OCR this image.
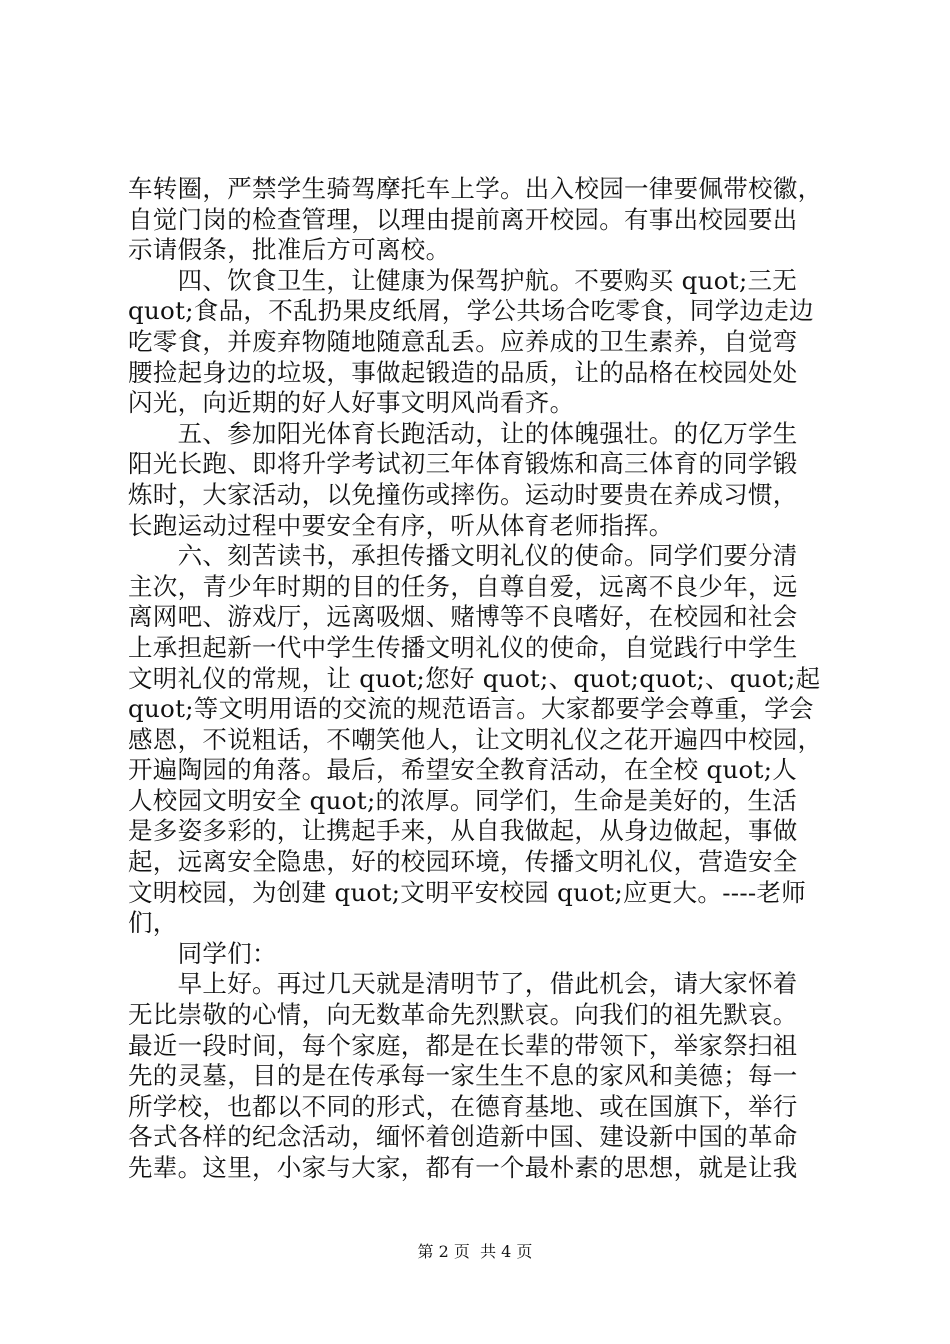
车转圈，严禁学生骑驾摩托车上学。出入校园一律要佩带校徽，
自觉门岗的检查管理，以理由提前离开校园。有事出校园要出
示请假条，批准后方可离校。
　　四、饮食卫生，让健康为保驾护航。不要购买 quot;三无
quot;食品，不乱扔果皮纸屑，学公共场合吃零食，同学边走边
吃零食，并废弃物随地随意乱丢。应养成的卫生素养，自觉弯
腰捡起身边的垃圾，事做起锻造的品质，让的品格在校园处处
闪光，向近期的好人好事文明风尚看齐。
　　五、参加阳光体育长跑活动，让的体魄强壮。的亿万学生
阳光长跑、即将升学考试初三年体育锻炼和高三体育的同学锻
炼时，大家活动，以免撞伤或摔伤。运动时要贵在养成习惯，
长跑运动过程中要安全有序，听从体育老师指挥。
　　六、刻苦读书，承担传播文明礼仪的使命。同学们要分清
主次，青少年时期的目的任务，自尊自爱，远离不良少年，远
离网吧、游戏厅，远离吸烟、赌博等不良嗜好，在校园和社会
上承担起新一代中学生传播文明礼仪的使命，自觉践行中学生
文明礼仪的常规，让 quot;您好 quot;、quot;quot;、quot;起
quot;等文明用语的交流的规范语言。大家都要学会尊重，学会
感恩，不说粗话，不嘲笑他人，让文明礼仪之花开遍四中校园，
开遍陶园的角落。最后，希望安全教育活动，在全校 quot;人
人校园文明安全 quot;的浓厚。同学们，生命是美好的，生活
是多姿多彩的，让携起手来，从自我做起，从身边做起，事做
起，远离安全隐患，好的校园环境，传播文明礼仪，营造安全
文明校园，为创建 quot;文明平安校园 quot;应更大。----老师
们，
　　同学们：
　　早上好。再过几天就是清明节了，借此机会，请大家怀着
无比崇敬的心情，向无数革命先烈默哀。向我们的祖先默哀。
最近一段时间，每个家庭，都是在长辈的带领下，举家祭扫祖
先的灵墓，目的是在传承每一家生生不息的家风和美德；每一
所学校，也都以不同的形式，在德育基地、或在国旗下，举行
各式各样的纪念活动，缅怀着创造新中国、建设新中国的革命
先辈。这里，小家与大家，都有一个最朴素的思想，就是让我
第 2 页  共 4 页
